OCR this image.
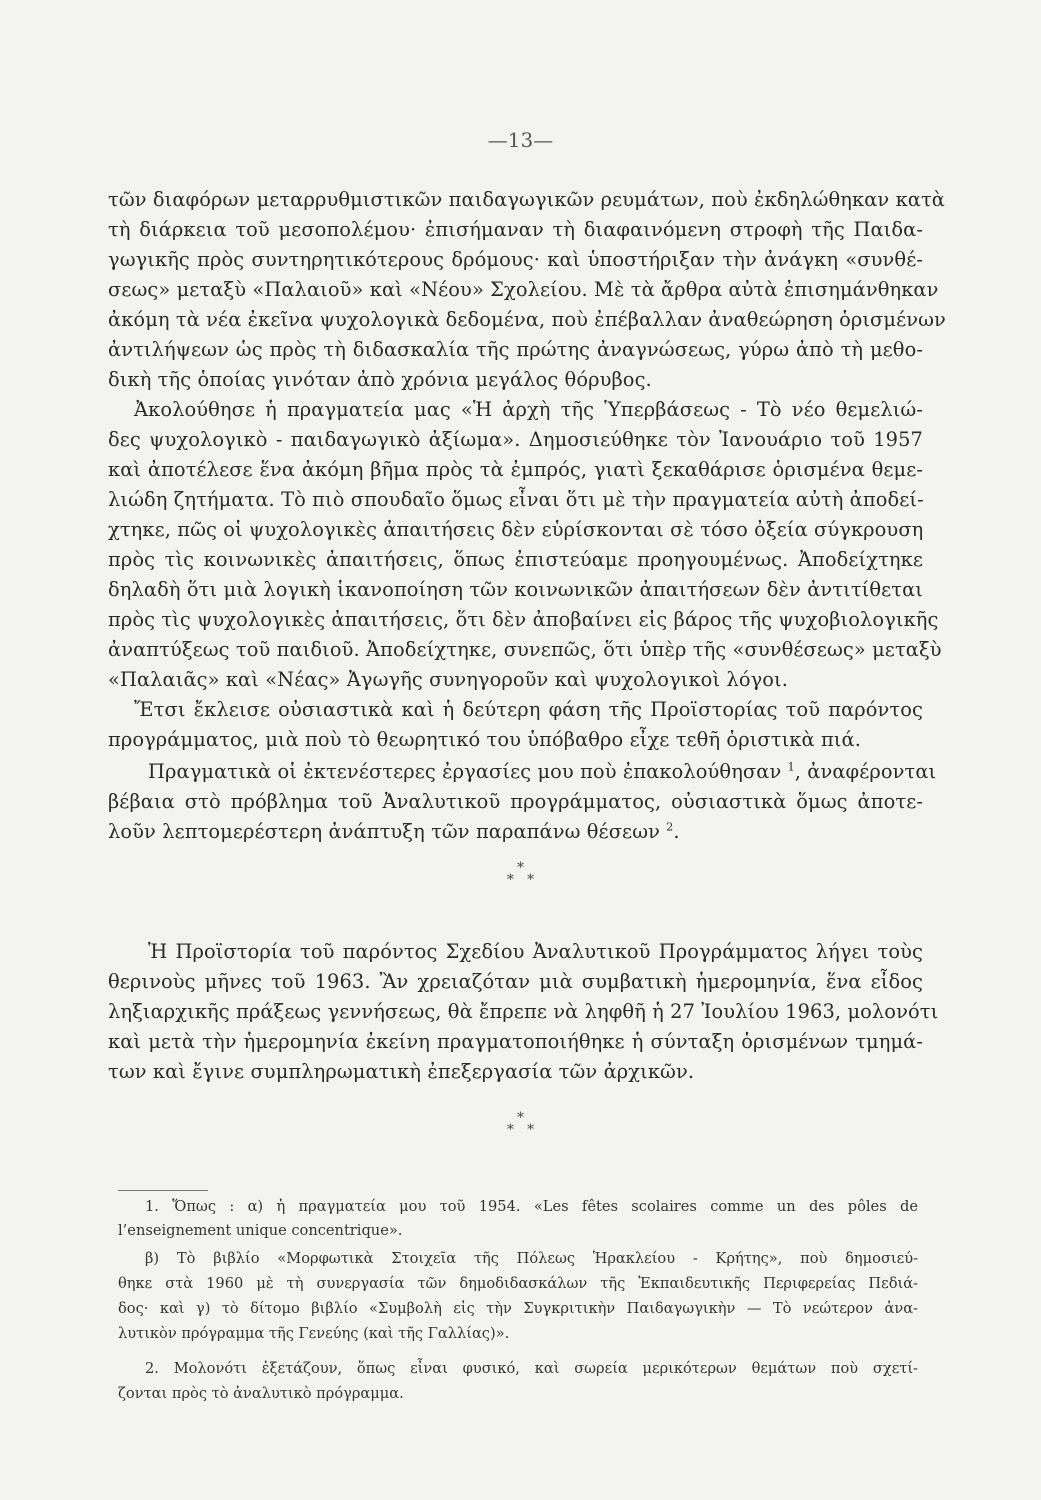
—13—
τῶν διαφόρων μεταρρυθμιστικῶν παιδαγωγικῶν ρευμάτων, ποὺ ἐκδηλώθηκαν κατὰ
τὴ διάρκεια τοῦ μεσοπολέμου· ἐπισήμαναν τὴ διαφαινόμενη στροφὴ τῆς Παιδα-
γωγικῆς πρὸς συντηρητικότερους δρόμους· καὶ ὑποστήριξαν τὴν ἀνάγκη «συνθέ-
σεως» μεταξὺ «Παλαιοῦ» καὶ «Νέου» Σχολείου. Μὲ τὰ ἄρθρα αὐτὰ ἐπισημάνθηκαν
ἀκόμη τὰ νέα ἐκεῖνα ψυχολογικὰ δεδομένα, ποὺ ἐπέβαλλαν ἀναθεώρηση ὁρισμένων
ἀντιλήψεων ὡς πρὸς τὴ διδασκαλία τῆς πρώτης ἀναγνώσεως, γύρω ἀπὸ τὴ μεθο-
δικὴ τῆς ὁποίας γινόταν ἀπὸ χρόνια μεγάλος θόρυβος.
Ἀκολούθησε ἡ πραγματεία μας «Ἡ ἀρχὴ τῆς Ὑπερβάσεως - Τὸ νέο θεμελιώ-
δες ψυχολογικὸ - παιδαγωγικὸ ἀξίωμα». Δημοσιεύθηκε τὸν Ἰανουάριο τοῦ 1957
καὶ ἀποτέλεσε ἕνα ἀκόμη βῆμα πρὸς τὰ ἐμπρός, γιατὶ ξεκαθάρισε ὁρισμένα θεμε-
λιώδη ζητήματα. Τὸ πιὸ σπουδαῖο ὅμως εἶναι ὅτι μὲ τὴν πραγματεία αὐτὴ ἀποδεί-
χτηκε, πῶς οἱ ψυχολογικὲς ἀπαιτήσεις δὲν εὑρίσκονται σὲ τόσο ὀξεία σύγκρουση
πρὸς τὶς κοινωνικὲς ἀπαιτήσεις, ὅπως ἐπιστεύαμε προηγουμένως. Ἀποδείχτηκε
δηλαδὴ ὅτι μιὰ λογικὴ ἱκανοποίηση τῶν κοινωνικῶν ἀπαιτήσεων δὲν ἀντιτίθεται
πρὸς τὶς ψυχολογικὲς ἀπαιτήσεις, ὅτι δὲν ἀποβαίνει εἰς βάρος τῆς ψυχοβιολογικῆς
ἀναπτύξεως τοῦ παιδιοῦ. Ἀποδείχτηκε, συνεπῶς, ὅτι ὑπὲρ τῆς «συνθέσεως» μεταξὺ
«Παλαιᾶς» καὶ «Νέας» Ἀγωγῆς συνηγοροῦν καὶ ψυχολογικοὶ λόγοι.
Ἔτσι ἔκλεισε οὐσιαστικὰ καὶ ἡ δεύτερη φάση τῆς Προϊστορίας τοῦ παρόντος
προγράμματος, μιὰ ποὺ τὸ θεωρητικό του ὑπόβαθρο εἶχε τεθῆ ὁριστικὰ πιά.
Πραγματικὰ οἱ ἐκτενέστερες ἐργασίες μου ποὺ ἐπακολούθησαν $^1$, ἀναφέρονται
βέβαια στὸ πρόβλημα τοῦ Ἀναλυτικοῦ προγράμματος, οὐσιαστικὰ ὅμως ἀποτε-
λοῦν λεπτομερέστερη ἀνάπτυξη τῶν παραπάνω θέσεων $^2$.
*
* *
Ἡ Προϊστορία τοῦ παρόντος Σχεδίου Ἀναλυτικοῦ Προγράμματος λήγει τοὺς
θερινοὺς μῆνες τοῦ 1963. Ἂν χρειαζόταν μιὰ συμβατικὴ ἡμερομηνία, ἕνα εἶδος
ληξιαρχικῆς πράξεως γεννήσεως, θὰ ἔπρεπε νὰ ληφθῆ ἡ 27 Ἰουλίου 1963, μολονότι
καὶ μετὰ τὴν ἡμερομηνία ἐκείνη πραγματοποιήθηκε ἡ σύνταξη ὁρισμένων τμημά-
των καὶ ἔγινε συμπληρωματικὴ ἐπεξεργασία τῶν ἀρχικῶν.
*
* *
1. Ὅπως : α) ἡ πραγματεία μου τοῦ 1954. «Les fêtes scolaires comme un des pôles de
l’enseignement unique concentrique».
β) Τὸ βιβλίο «Μορφωτικὰ Στοιχεῖα τῆς Πόλεως Ἡρακλείου - Κρήτης», ποὺ δημοσιεύ-
θηκε στὰ 1960 μὲ τὴ συνεργασία τῶν δημοδιδασκάλων τῆς Ἐκπαιδευτικῆς Περιφερείας Πεδιά-
δος· καὶ γ) τὸ δίτομο βιβλίο «Συμβολὴ εἰς τὴν Συγκριτικὴν Παιδαγωγικὴν — Τὸ νεώτερον ἀνα-
λυτικὸν πρόγραμμα τῆς Γενεύης (καὶ τῆς Γαλλίας)».
2. Μολονότι ἐξετάζουν, ὅπως εἶναι φυσικό, καὶ σωρεία μερικότερων θεμάτων ποὺ σχετί-
ζονται πρὸς τὸ ἀναλυτικὸ πρόγραμμα.
